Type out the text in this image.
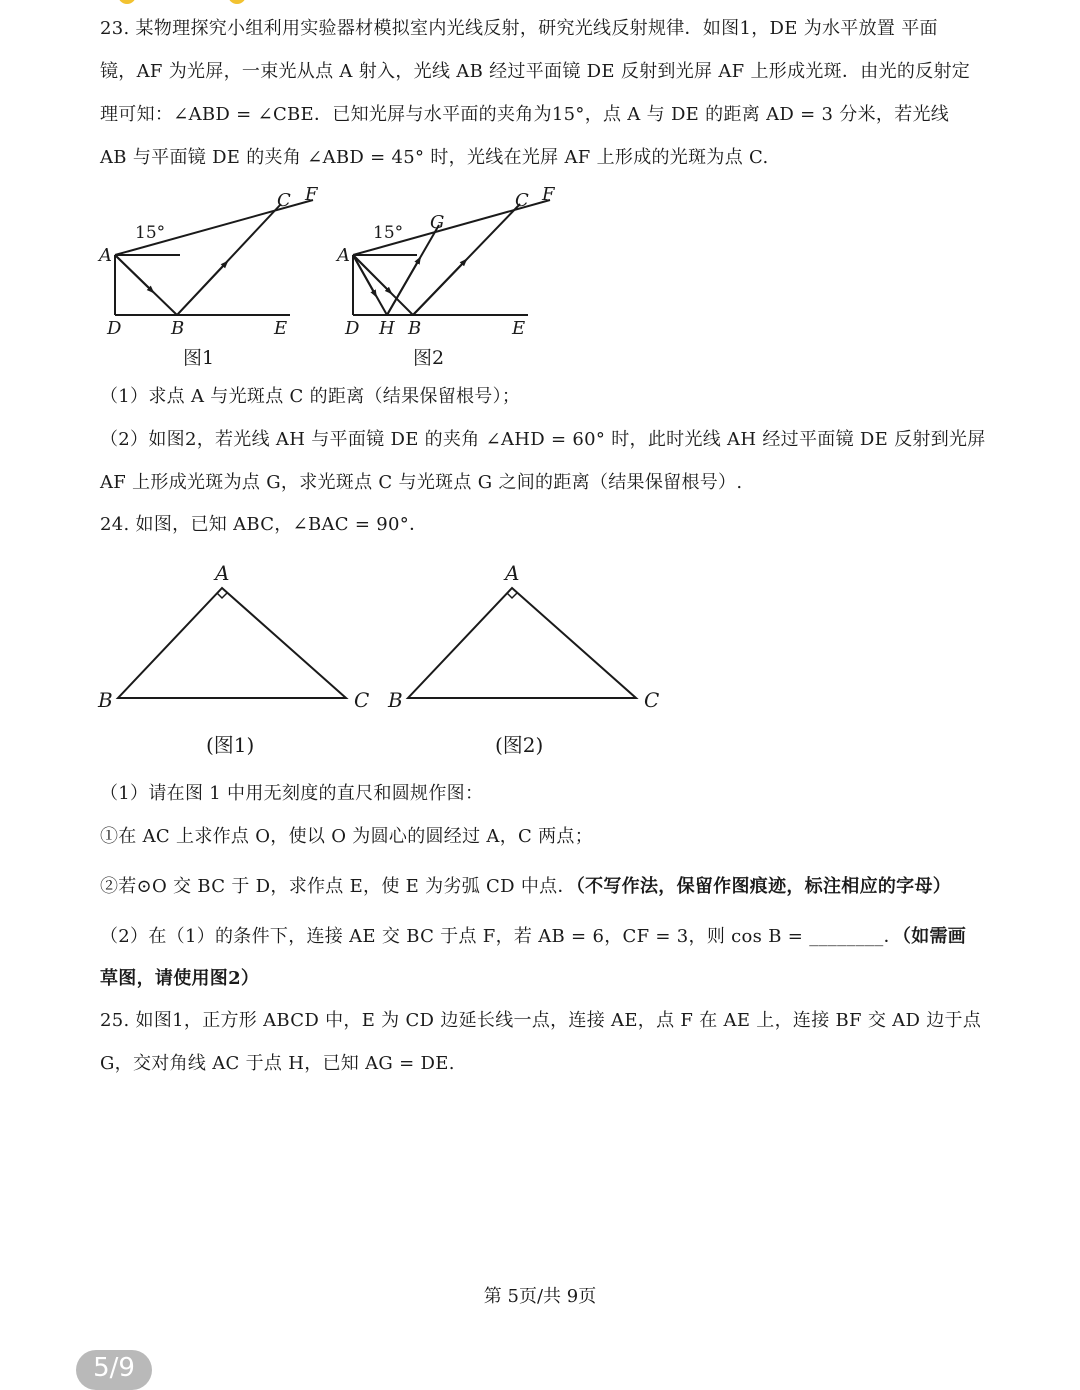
23. 某物理探究小组利用实验器材模拟室内光线反射，研究光线反射规律．如图1，DE 为水平放置 平面
镜，AF 为光屏，一束光从点 A 射入，光线 AB 经过平面镜 DE 反射到光屏 AF 上形成光斑．由光的反射定
理可知：∠ABD = ∠CBE．已知光屏与水平面的夹角为15°，点 A 与 DE 的距离 AD = 3 分米，若光线
AB 与平面镜 DE 的夹角 ∠ABD = 45° 时，光线在光屏 AF 上形成的光斑为点 C.
A
D	B	E
C F
15°
图1
A
D H B	E
G
C F
15°
图2
（1）求点 A 与光斑点 C 的距离（结果保留根号）；
（2）如图2，若光线 AH 与平面镜 DE 的夹角 ∠AHD = 60° 时，此时光线 AH 经过平面镜 DE 反射到光屏
AF 上形成光斑为点 G，求光斑点 C 与光斑点 G 之间的距离（结果保留根号）.
24. 如图，已知 ABC，∠BAC = 90°．
A
B	C
A
B	C
(图1)	(图2)
（1）请在图 1 中用无刻度的直尺和圆规作图：
①在 AC 上求作点 O，使以 O 为圆心的圆经过 A，C 两点；
②若⊙O 交 BC 于 D，求作点 E，使 E 为劣弧 CD 中点．（不写作法，保留作图痕迹，标注相应的字母）
（2）在（1）的条件下，连接 AE 交 BC 于点 F，若 AB = 6，CF = 3，则 cos B = ________．（如需画
草图，请使用图2）
25. 如图1，正方形 ABCD 中，E 为 CD 边延长线一点，连接 AE，点 F 在 AE 上，连接 BF 交 AD 边于点
G，交对角线 AC 于点 H，已知 AG = DE.
第 5页/共 9页
5/9
